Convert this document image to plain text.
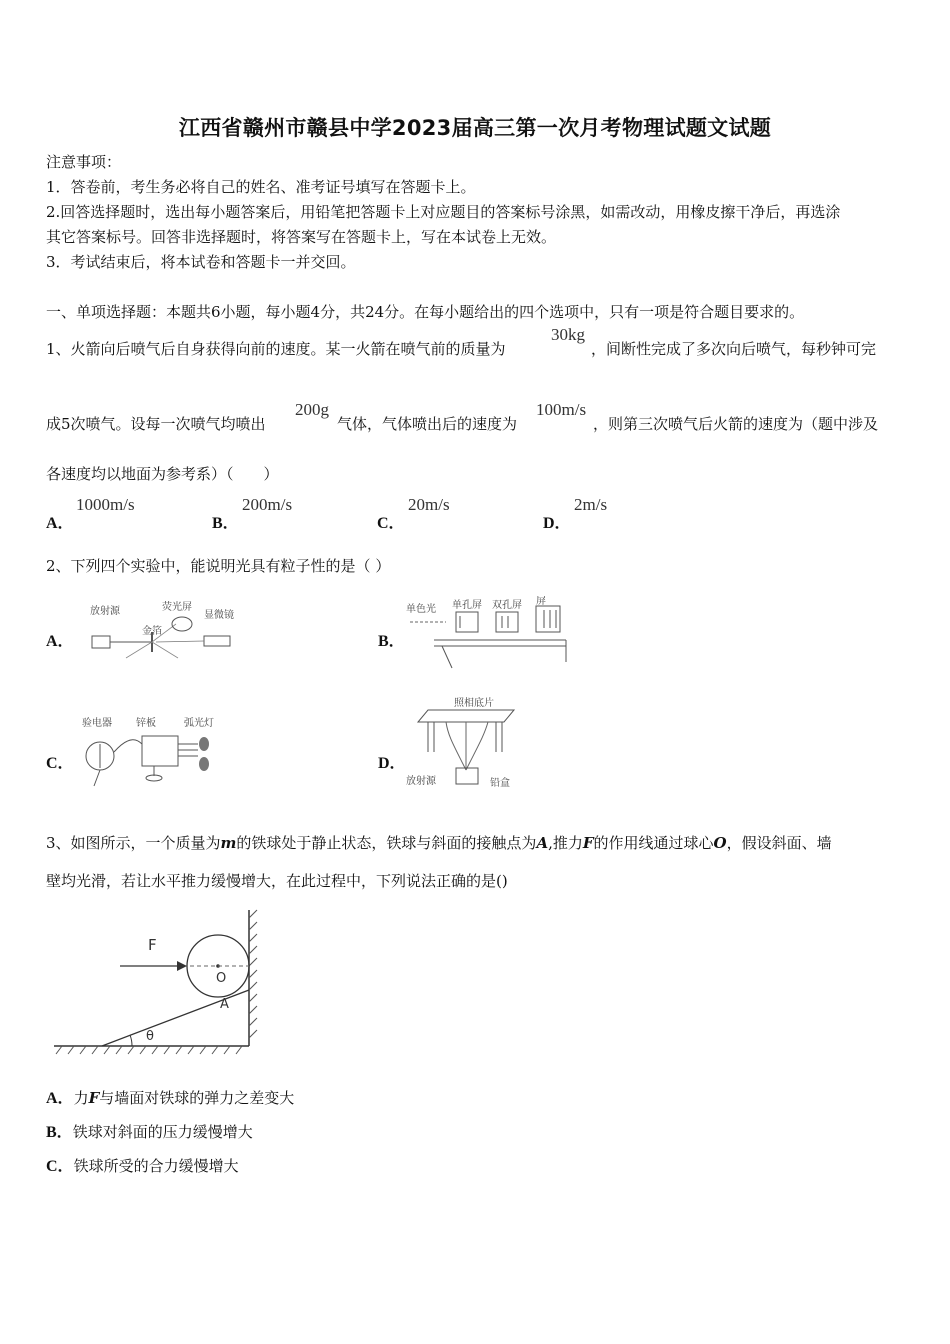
江西省赣州市赣县中学2023届高三第一次月考物理试题文试题
注意事项：
1．答卷前，考生务必将自己的姓名、准考证号填写在答题卡上。
2.回答选择题时，选出每小题答案后，用铅笔把答题卡上对应题目的答案标号涂黑，如需改动，用橡皮擦干净后，再选涂
其它答案标号。回答非选择题时，将答案写在答题卡上，写在本试卷上无效。
3．考试结束后，将本试卷和答题卡一并交回。
一、单项选择题：本题共6小题，每小题4分，共24分。在每小题给出的四个选项中，只有一项是符合题目要求的。
1、火箭向后喷气后自身获得向前的速度。某一火箭在喷气前的质量为
30kg
，间断性完成了多次向后喷气，每秒钟可完
成5次喷气。设每一次喷气均喷出
200g
气体，气体喷出后的速度为
100m/s
，则第三次喷气后火箭的速度为（题中涉及
各速度均以地面为参考系）（　　）
A．
1000m/s
B．
200m/s
C．
20m/s
D．
2m/s
2、下列四个实验中，能说明光具有粒子性的是（ ）
A．
放射源	荧光屏
显微镜
金箔
B．
单色光 单孔屏 双孔屏 屏
C．
验电器 锌板	弧光灯
D．
照相底片
放射源	铅盒
3、如图所示，一个质量为m的铁球处于静止状态，铁球与斜面的接触点为A,推力F的作用线通过球心O，假设斜面、墙
壁均光滑，若让水平推力缓慢增大，在此过程中，下列说法正确的是()
θ
O
A
F
A．力F与墙面对铁球的弹力之差变大
B．铁球对斜面的压力缓慢增大
C．铁球所受的合力缓慢增大
